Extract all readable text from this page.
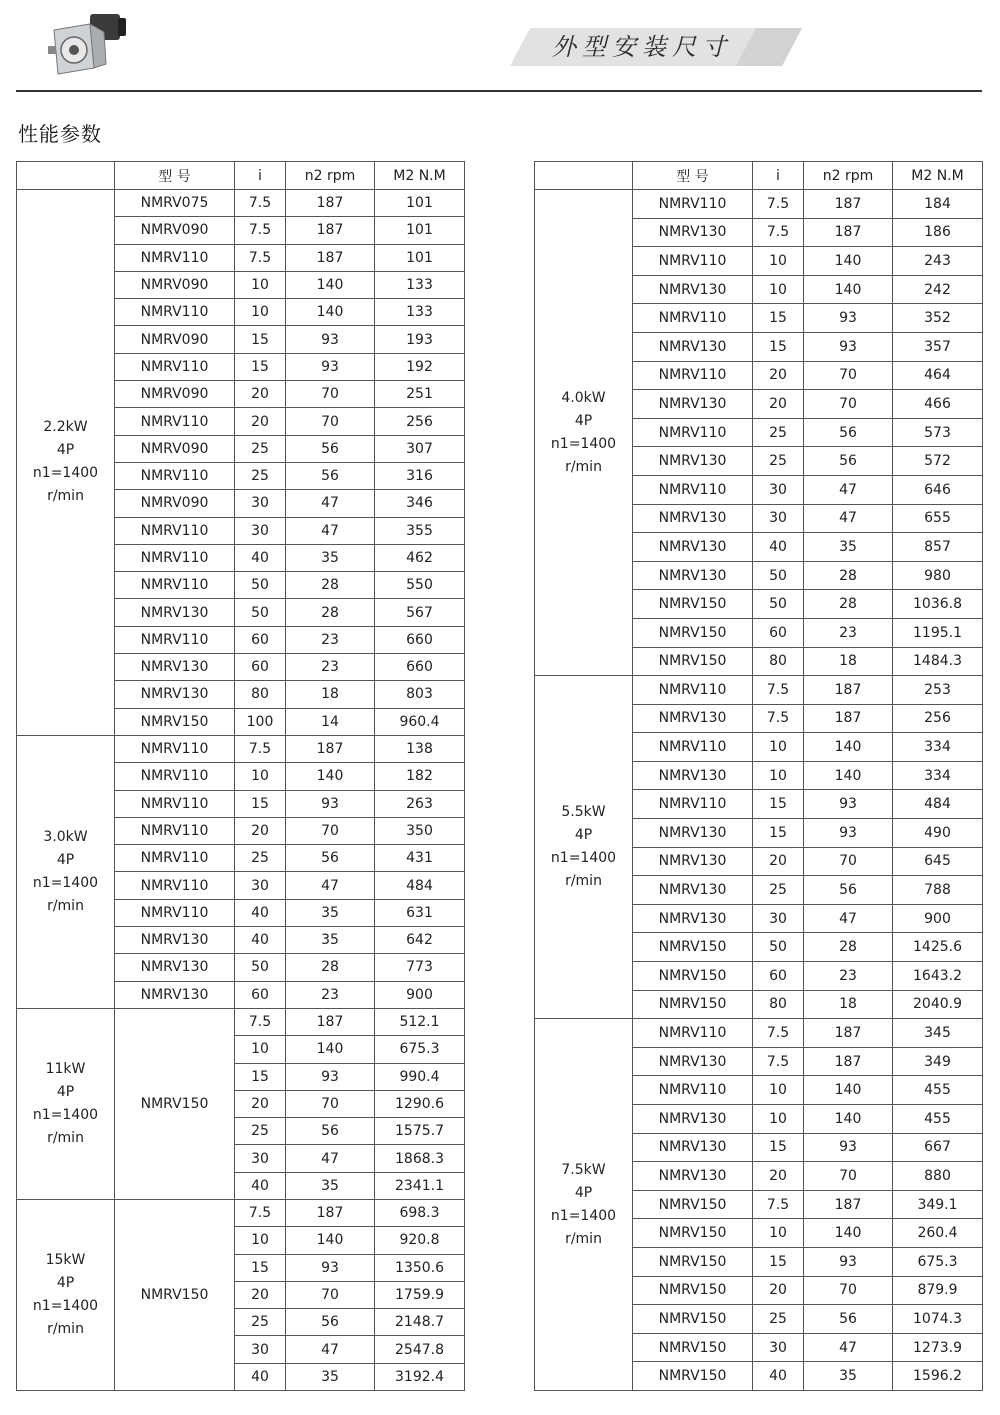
外型安装尺寸
性能参数
	型 号	i	n2 rpm	M2 N.M

2.2kW
4P
n1=1400
r/min	NMRV075	7.5	187	101
	NMRV090	7.5	187	101
	NMRV110	7.5	187	101
	NMRV090	10	140	133
	NMRV110	10	140	133
	NMRV090	15	93	193
	NMRV110	15	93	192
	NMRV090	20	70	251
	NMRV110	20	70	256
	NMRV090	25	56	307
	NMRV110	25	56	316
	NMRV090	30	47	346
	NMRV110	30	47	355
	NMRV110	40	35	462
	NMRV110	50	28	550
	NMRV130	50	28	567
	NMRV110	60	23	660
	NMRV130	60	23	660
	NMRV130	80	18	803
	NMRV150	100	14	960.4

3.0kW
4P
n1=1400
r/min	NMRV110	7.5	187	138
	NMRV110	10	140	182
	NMRV110	15	93	263
	NMRV110	20	70	350
	NMRV110	25	56	431
	NMRV110	30	47	484
	NMRV110	40	35	631
	NMRV130	40	35	642
	NMRV130	50	28	773
	NMRV130	60	23	900

11kW
4P
n1=1400
r/min	NMRV150	7.5	187	512.1
		10	140	675.3
		15	93	990.4
		20	70	1290.6
		25	56	1575.7
		30	47	1868.3
		40	35	2341.1

15kW
4P
n1=1400
r/min	NMRV150	7.5	187	698.3
		10	140	920.8
		15	93	1350.6
		20	70	1759.9
		25	56	2148.7
		30	47	2547.8
		40	35	3192.4
	型 号	i	n2 rpm	M2 N.M

4.0kW
4P
n1=1400
r/min	NMRV110	7.5	187	184
	NMRV130	7.5	187	186
	NMRV110	10	140	243
	NMRV130	10	140	242
	NMRV110	15	93	352
	NMRV130	15	93	357
	NMRV110	20	70	464
	NMRV130	20	70	466
	NMRV110	25	56	573
	NMRV130	25	56	572
	NMRV110	30	47	646
	NMRV130	30	47	655
	NMRV130	40	35	857
	NMRV130	50	28	980
	NMRV150	50	28	1036.8
	NMRV150	60	23	1195.1
	NMRV150	80	18	1484.3

5.5kW
4P
n1=1400
r/min	NMRV110	7.5	187	253
	NMRV130	7.5	187	256
	NMRV110	10	140	334
	NMRV130	10	140	334
	NMRV110	15	93	484
	NMRV130	15	93	490
	NMRV130	20	70	645
	NMRV130	25	56	788
	NMRV130	30	47	900
	NMRV150	50	28	1425.6
	NMRV150	60	23	1643.2
	NMRV150	80	18	2040.9

7.5kW
4P
n1=1400
r/min	NMRV110	7.5	187	345
	NMRV130	7.5	187	349
	NMRV110	10	140	455
	NMRV130	10	140	455
	NMRV130	15	93	667
	NMRV130	20	70	880
	NMRV150	7.5	187	349.1
	NMRV150	10	140	260.4
	NMRV150	15	93	675.3
	NMRV150	20	70	879.9
	NMRV150	25	56	1074.3
	NMRV150	30	47	1273.9
	NMRV150	40	35	1596.2
